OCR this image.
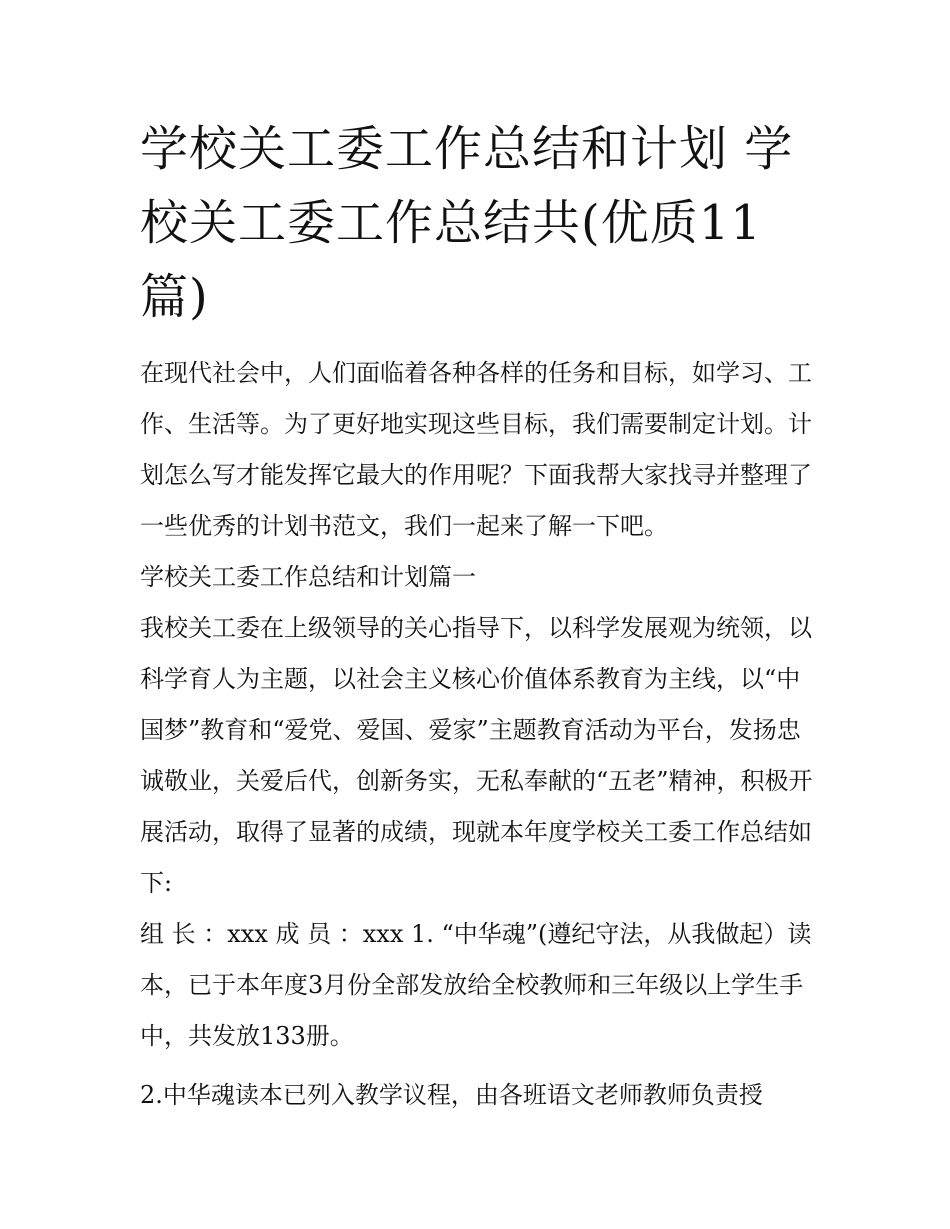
学校关工委工作总结和计划 学校关工委工作总结共(优质11篇)

在现代社会中，人们面临着各种各样的任务和目标，如学习、工作、生活等。为了更好地实现这些目标，我们需要制定计划。计划怎么写才能发挥它最大的作用呢？下面我帮大家找寻并整理了一些优秀的计划书范文，我们一起来了解一下吧。

学校关工委工作总结和计划篇一

我校关工委在上级领导的关心指导下，以科学发展观为统领，以科学育人为主题，以社会主义核心价值体系教育为主线，以“中国梦”教育和“爱党、爱国、爱家”主题教育活动为平台，发扬忠诚敬业，关爱后代，创新务实，无私奉献的“五老”精神，积极开展活动，取得了显著的成绩，现就本年度学校关工委工作总结如下:

组 长 ：xxx 成 员 ：xxx 1. “中华魂”(遵纪守法，从我做起）读本，已于本年度3月份全部发放给全校教师和三年级以上学生手中，共发放133册。

2.中华魂读本已列入教学议程，由各班语文老师教师负责授
